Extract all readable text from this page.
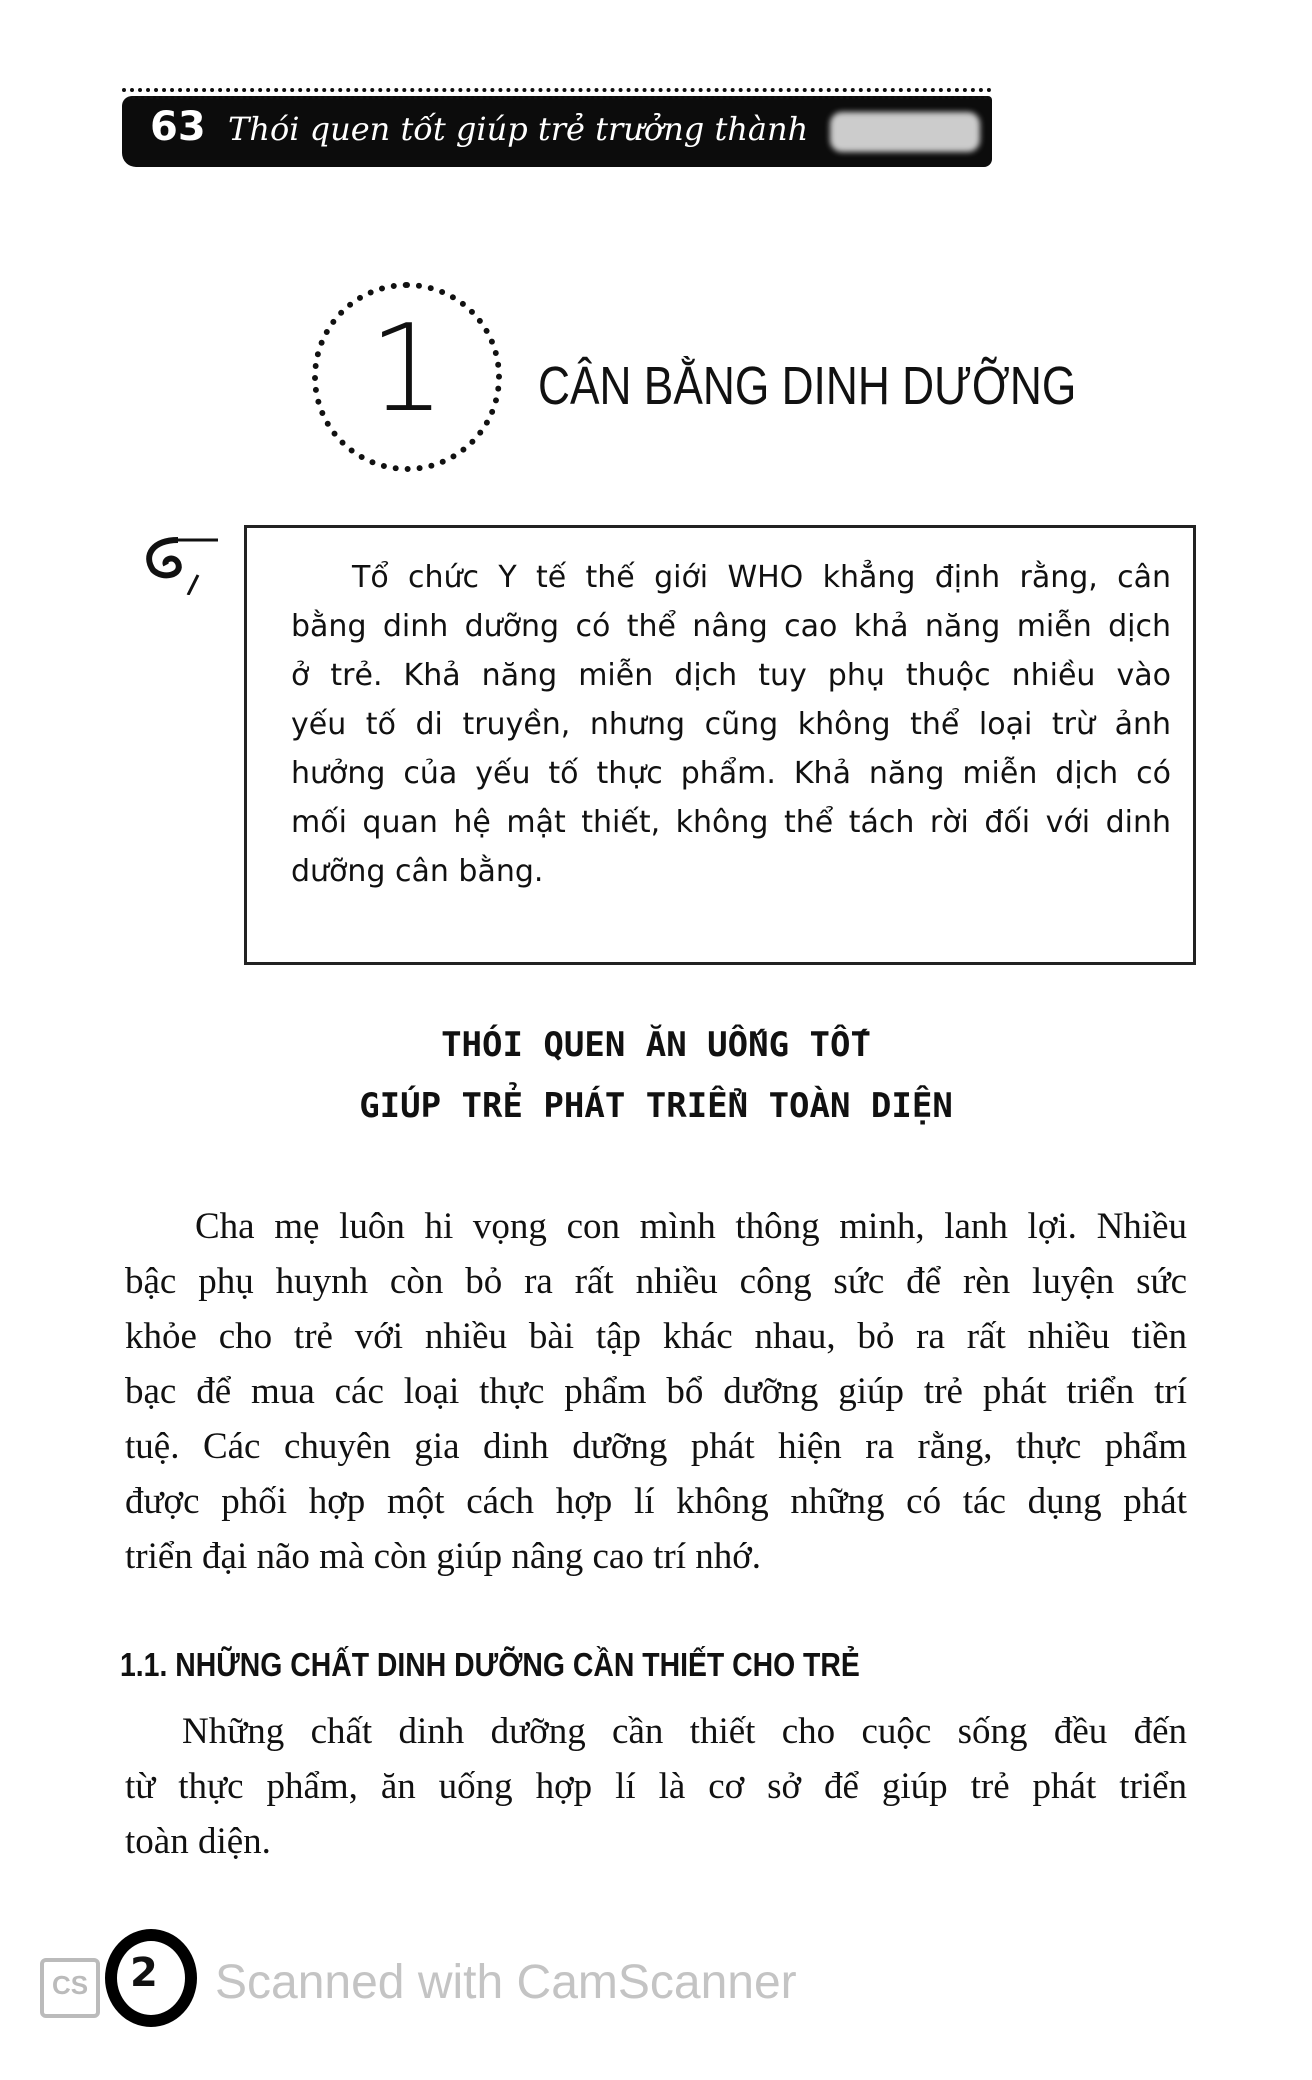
63 Thói quen tốt giúp trẻ trưởng thành
1	CÂN BẰNG DINH DƯỠNG
Tổ chức Y tế thế giới WHO khẳng định rằng, cân
bằng dinh dưỡng có thể nâng cao khả năng miễn dịch
ở trẻ. Khả năng miễn dịch tuy phụ thuộc nhiều vào
yếu tố di truyền, nhưng cũng không thể loại trừ ảnh
hưởng của yếu tố thực phẩm. Khả năng miễn dịch có
mối quan hệ mật thiết, không thể tách rời đối với dinh
dưỡng cân bằng.
THÓI QUEN ĂN UỐNG TỐT
GIÚP TRẺ PHÁT TRIỂN TOÀN DIỆN
Cha mẹ luôn hi vọng con mình thông minh, lanh lợi. Nhiều
bậc phụ huynh còn bỏ ra rất nhiều công sức để rèn luyện sức
khỏe cho trẻ với nhiều bài tập khác nhau, bỏ ra rất nhiều tiền
bạc để mua các loại thực phẩm bổ dưỡng giúp trẻ phát triển trí
tuệ. Các chuyên gia dinh dưỡng phát hiện ra rằng, thực phẩm
được phối hợp một cách hợp lí không những có tác dụng phát
triển đại não mà còn giúp nâng cao trí nhớ.
1.1. NHỮNG CHẤT DINH DƯỠNG CẦN THIẾT CHO TRẺ
Những chất dinh dưỡng cần thiết cho cuộc sống đều đến
từ thực phẩm, ăn uống hợp lí là cơ sở để giúp trẻ phát triển
toàn diện.
2
CS	Scanned with CamScanner
